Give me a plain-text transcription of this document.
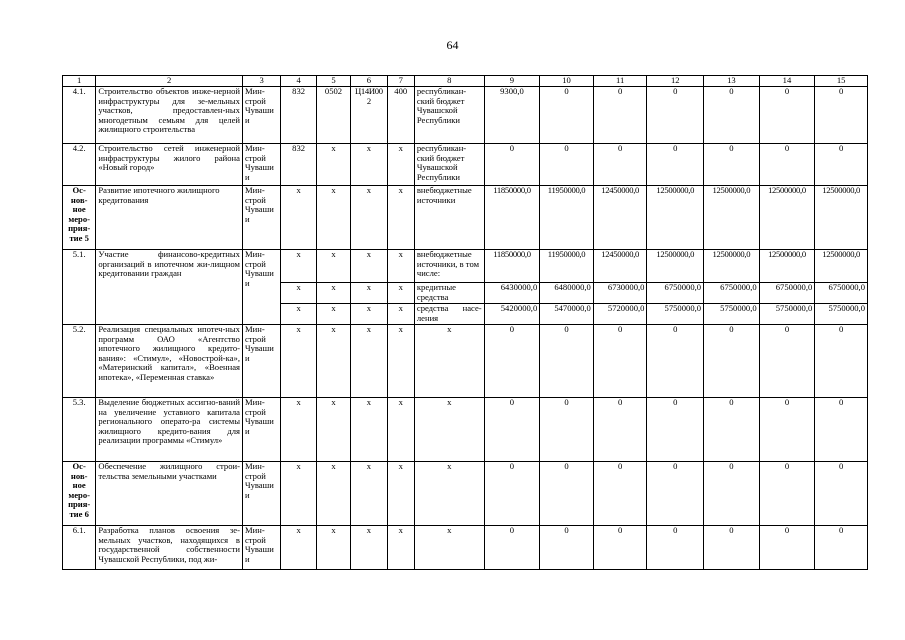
64
1	2	3	4	5	6	7	8	9	10	11	12	13	14	15
4.1.	Строительство объектов инже-нерной инфраструктуры для зе-мельных участков, предоставлен-ных многодетным семьям для целей жилищного строительства	Мин-строй Чувашии	832	0502	Ц14И002	400	республикан-ский бюджет Чувашской Республики	9300,0	0	0	0	0	0	0
4.2.	Строительство сетей инженерной инфраструктуры жилого района «Новый город»	Мин-строй Чувашии	832	x	x	x	республикан-ский бюджет Чувашской Республики	0	0	0	0	0	0	0
Ос-нов-ное меро-прия-тие 5	Развитие ипотечного жилищного кредитования	Мин-строй Чувашии	x	x	x	x	внебюджетные источники	11850000,0	11950000,0	12450000,0	12500000,0	12500000,0	12500000,0	12500000,0
5.1.	Участие финансово-кредитных организаций в ипотечном жи-лищном кредитовании граждан	Мин-строй Чувашии	x	x	x	x	внебюджетные источники, в том числе:	11850000,0	11950000,0	12450000,0	12500000,0	12500000,0	12500000,0	12500000,0
			x	x	x	x	кредитные средства	6430000,0	6480000,0	6730000,0	6750000,0	6750000,0	6750000,0	6750000,0
			x	x	x	x	средства насе-ления	5420000,0	5470000,0	5720000,0	5750000,0	5750000,0	5750000,0	5750000,0
5.2.	Реализация специальных ипотеч-ных программ ОАО «Агентство ипотечного жилищного кредито-вания»: «Стимул», «Новострой-ка», «Материнский капитал», «Военная ипотека», «Переменная ставка»	Мин-строй Чувашии	x	x	x	x	x	0	0	0	0	0	0	0
5.3.	Выделение бюджетных ассигно-ваний на увеличение уставного капитала регионального операто-ра системы жилищного кредито-вания для реализации программы «Стимул»	Мин-строй Чувашии	x	x	x	x	x	0	0	0	0	0	0	0
Ос-нов-ное меро-прия-тие 6	Обеспечение жилищного строи-тельства земельными участками	Мин-строй Чувашии	x	x	x	x	x	0	0	0	0	0	0	0
6.1.	Разработка планов освоения зе-мельных участков, находящихся в государственной собственности Чувашской Республики, под жи-	Мин-строй Чувашии	x	x	x	x	x	0	0	0	0	0	0	0
